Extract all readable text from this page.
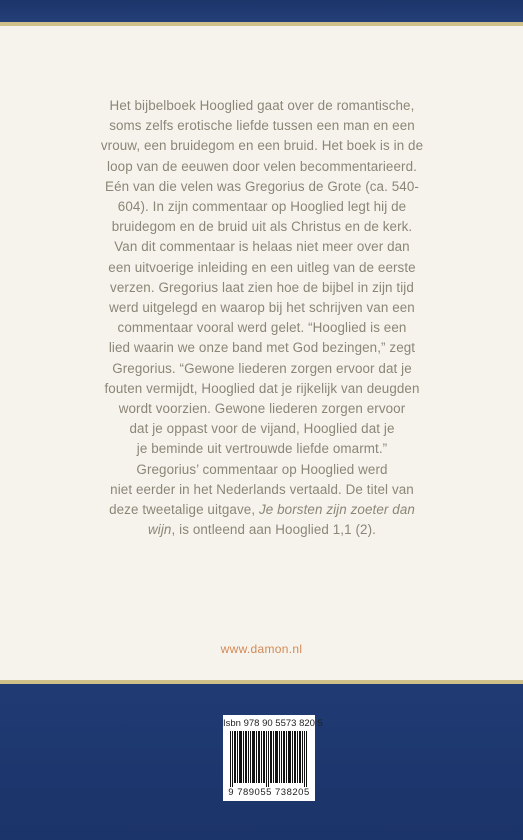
Het bijbelboek Hooglied gaat over de romantische,
soms zelfs erotische liefde tussen een man en een
vrouw, een bruidegom en een bruid. Het boek is in de
loop van de eeuwen door velen becommentarieerd.
Eén van die velen was Gregorius de Grote (ca. 540-
604). In zijn commentaar op Hooglied legt hij de
bruidegom en de bruid uit als Christus en de kerk.
Van dit commentaar is helaas niet meer over dan
een uitvoerige inleiding en een uitleg van de eerste
verzen. Gregorius laat zien hoe de bijbel in zijn tijd
werd uitgelegd en waarop bij het schrijven van een
commentaar vooral werd gelet. “Hooglied is een
lied waarin we onze band met God bezingen,” zegt
Gregorius. “Gewone liederen zorgen ervoor dat je
fouten vermijdt, Hooglied dat je rijkelijk van deugden
wordt voorzien. Gewone liederen zorgen ervoor
dat je oppast voor de vijand, Hooglied dat je
je beminde uit vertrouwde liefde omarmt.”
Gregorius’ commentaar op Hooglied werd
niet eerder in het Nederlands vertaald. De titel van
deze tweetalige uitgave, Je borsten zijn zoeter dan
wijn, is ontleend aan Hooglied 1,1 (2).
www.damon.nl
Isbn 978 90 5573 820 5
9 789055 738205
